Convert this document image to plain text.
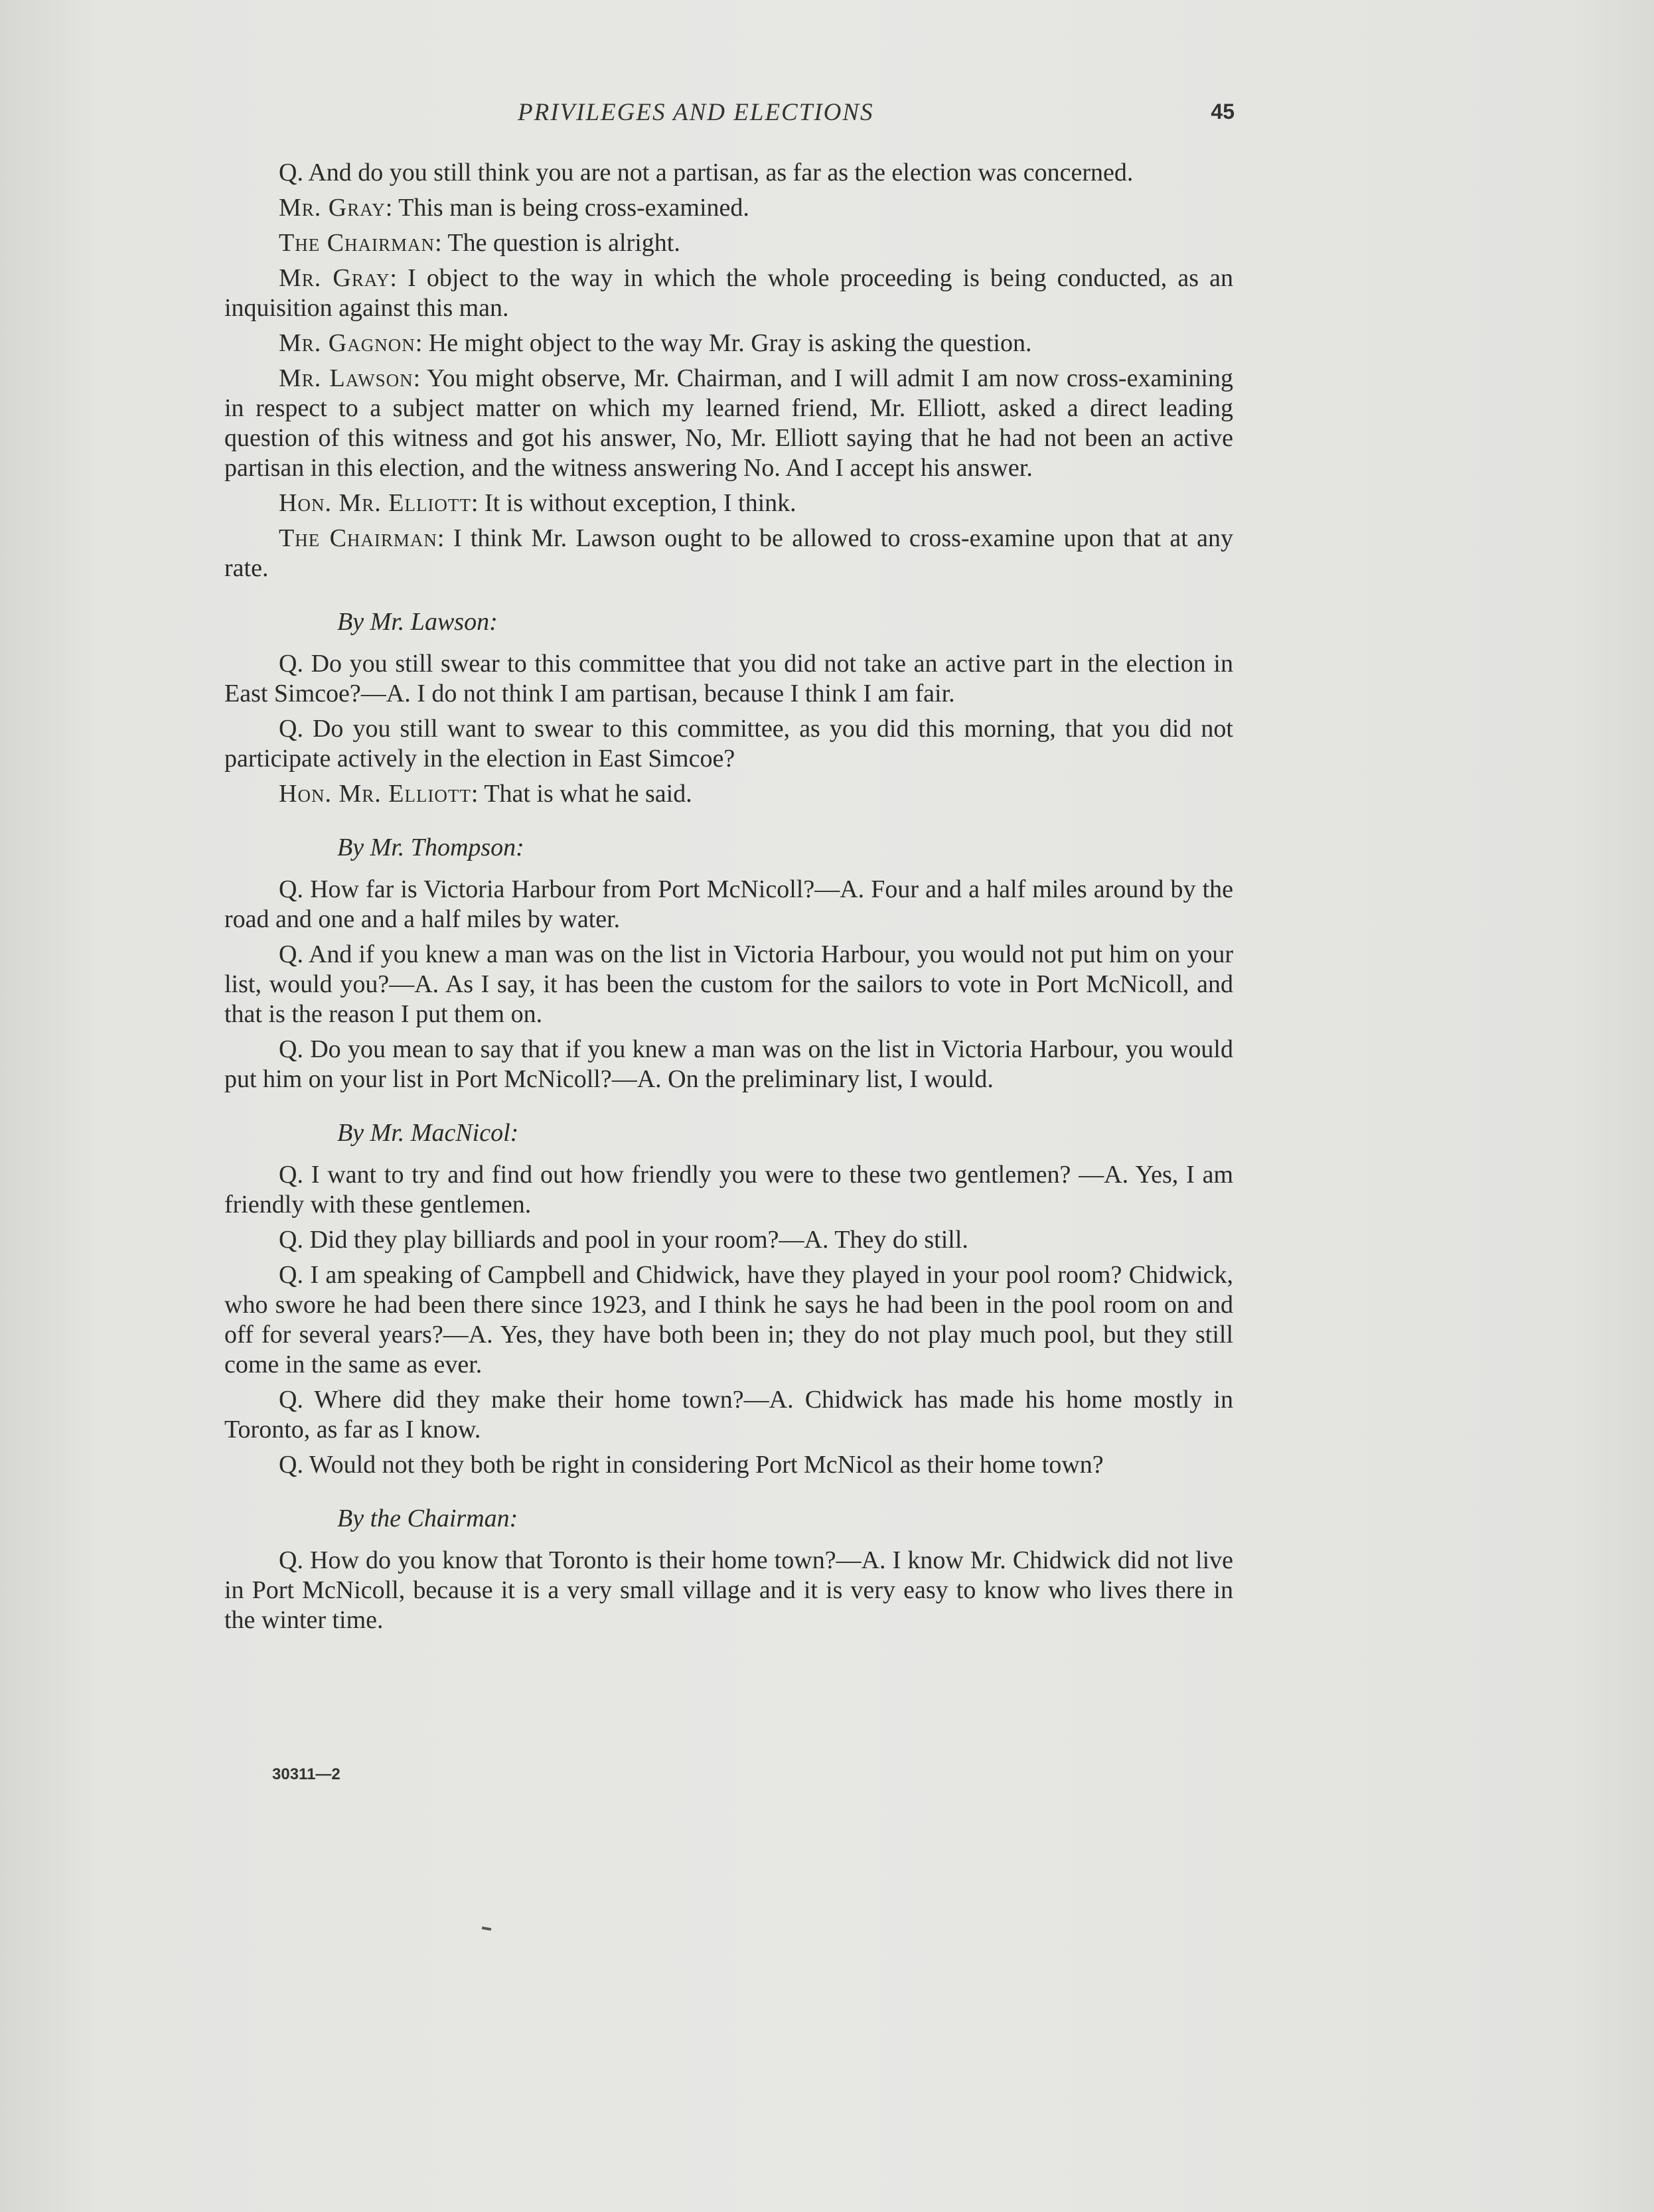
PRIVILEGES AND ELECTIONS	45

Q. And do you still think you are not a partisan, as far as the election was concerned.

Mr. Gray: This man is being cross-examined.

The Chairman: The question is alright.

Mr. Gray: I object to the way in which the whole proceeding is being conducted, as an inquisition against this man.

Mr. Gagnon: He might object to the way Mr. Gray is asking the question.

Mr. Lawson: You might observe, Mr. Chairman, and I will admit I am now cross-examining in respect to a subject matter on which my learned friend, Mr. Elliott, asked a direct leading question of this witness and got his answer, No, Mr. Elliott saying that he had not been an active partisan in this election, and the witness answering No. And I accept his answer.

Hon. Mr. Elliott: It is without exception, I think.

The Chairman: I think Mr. Lawson ought to be allowed to cross-examine upon that at any rate.

By Mr. Lawson:

Q. Do you still swear to this committee that you did not take an active part in the election in East Simcoe?—A. I do not think I am partisan, because I think I am fair.

Q. Do you still want to swear to this committee, as you did this morning, that you did not participate actively in the election in East Simcoe?

Hon. Mr. Elliott: That is what he said.

By Mr. Thompson:

Q. How far is Victoria Harbour from Port McNicoll?—A. Four and a half miles around by the road and one and a half miles by water.

Q. And if you knew a man was on the list in Victoria Harbour, you would not put him on your list, would you?—A. As I say, it has been the custom for the sailors to vote in Port McNicoll, and that is the reason I put them on.

Q. Do you mean to say that if you knew a man was on the list in Victoria Harbour, you would put him on your list in Port McNicoll?—A. On the preliminary list, I would.

By Mr. MacNicol:

Q. I want to try and find out how friendly you were to these two gentlemen? —A. Yes, I am friendly with these gentlemen.

Q. Did they play billiards and pool in your room?—A. They do still.

Q. I am speaking of Campbell and Chidwick, have they played in your pool room? Chidwick, who swore he had been there since 1923, and I think he says he had been in the pool room on and off for several years?—A. Yes, they have both been in; they do not play much pool, but they still come in the same as ever.

Q. Where did they make their home town?—A. Chidwick has made his home mostly in Toronto, as far as I know.

Q. Would not they both be right in considering Port McNicol as their home town?

By the Chairman:

Q. How do you know that Toronto is their home town?—A. I know Mr. Chidwick did not live in Port McNicoll, because it is a very small village and it is very easy to know who lives there in the winter time.

30311—2
